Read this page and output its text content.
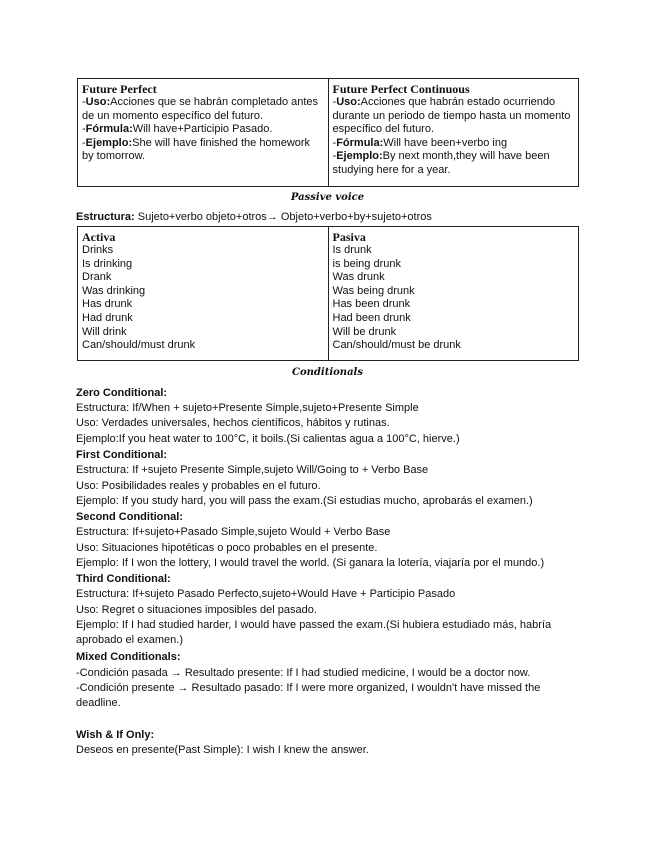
Future Perfect
-Uso:Acciones que se habrán completado antes de un momento específico del futuro.
-Fórmula:Will have+Participio Pasado.
-Ejemplo:She will have finished the homework by tomorrow.

Future Perfect Continuous
-Uso:Acciones que habrán estado ocurriendo durante un periodo de tiempo hasta un momento específico del futuro.
-Fórmula:Will have been+verbo ing
-Ejemplo:By next month,they will have been studying here for a year.
Passive voice
Estructura: Sujeto+verbo objeto+otros→ Objeto+verbo+by+sujeto+otros
Activa
Drinks
Is drinking
Drank
Was drinking
Has drunk
Had drunk
Will drink
Can/should/must drunk

Pasiva
Is drunk
is being drunk
Was drunk
Was being drunk
Has been drunk
Had been drunk
Will be drunk
Can/should/must be drunk
Conditionals
Zero Conditional:
Estructura: If/When + sujeto+Presente Simple,sujeto+Presente Simple
Uso: Verdades universales, hechos científicos, hábitos y rutinas.
Ejemplo:If you heat water to 100°C, it boils.(Si calientas agua a 100°C, hierve.)
First Conditional:
Estructura: If +sujeto Presente Simple,sujeto Will/Going to + Verbo Base
Uso: Posibilidades reales y probables en el futuro.
Ejemplo: If you study hard, you will pass the exam.(Si estudias mucho, aprobarás el examen.)
Second Conditional:
Estructura: If+sujeto+Pasado Simple,sujeto Would + Verbo Base
Uso: Situaciones hipotéticas o poco probables en el presente.
Ejemplo: If I won the lottery, I would travel the world. (Si ganara la lotería, viajaría por el mundo.)
Third Conditional:
Estructura: If+sujeto Pasado Perfecto,sujeto+Would Have + Participio Pasado
Uso: Regret o situaciones imposibles del pasado.
Ejemplo: If I had studied harder, I would have passed the exam.(Si hubiera estudiado más, habría aprobado el examen.)
Mixed Conditionals:
-Condición pasada → Resultado presente: If I had studied medicine, I would be a doctor now.
-Condición presente → Resultado pasado: If I were more organized, I wouldn't have missed the deadline.
Wish & If Only:
Deseos en presente(Past Simple): I wish I knew the answer.
